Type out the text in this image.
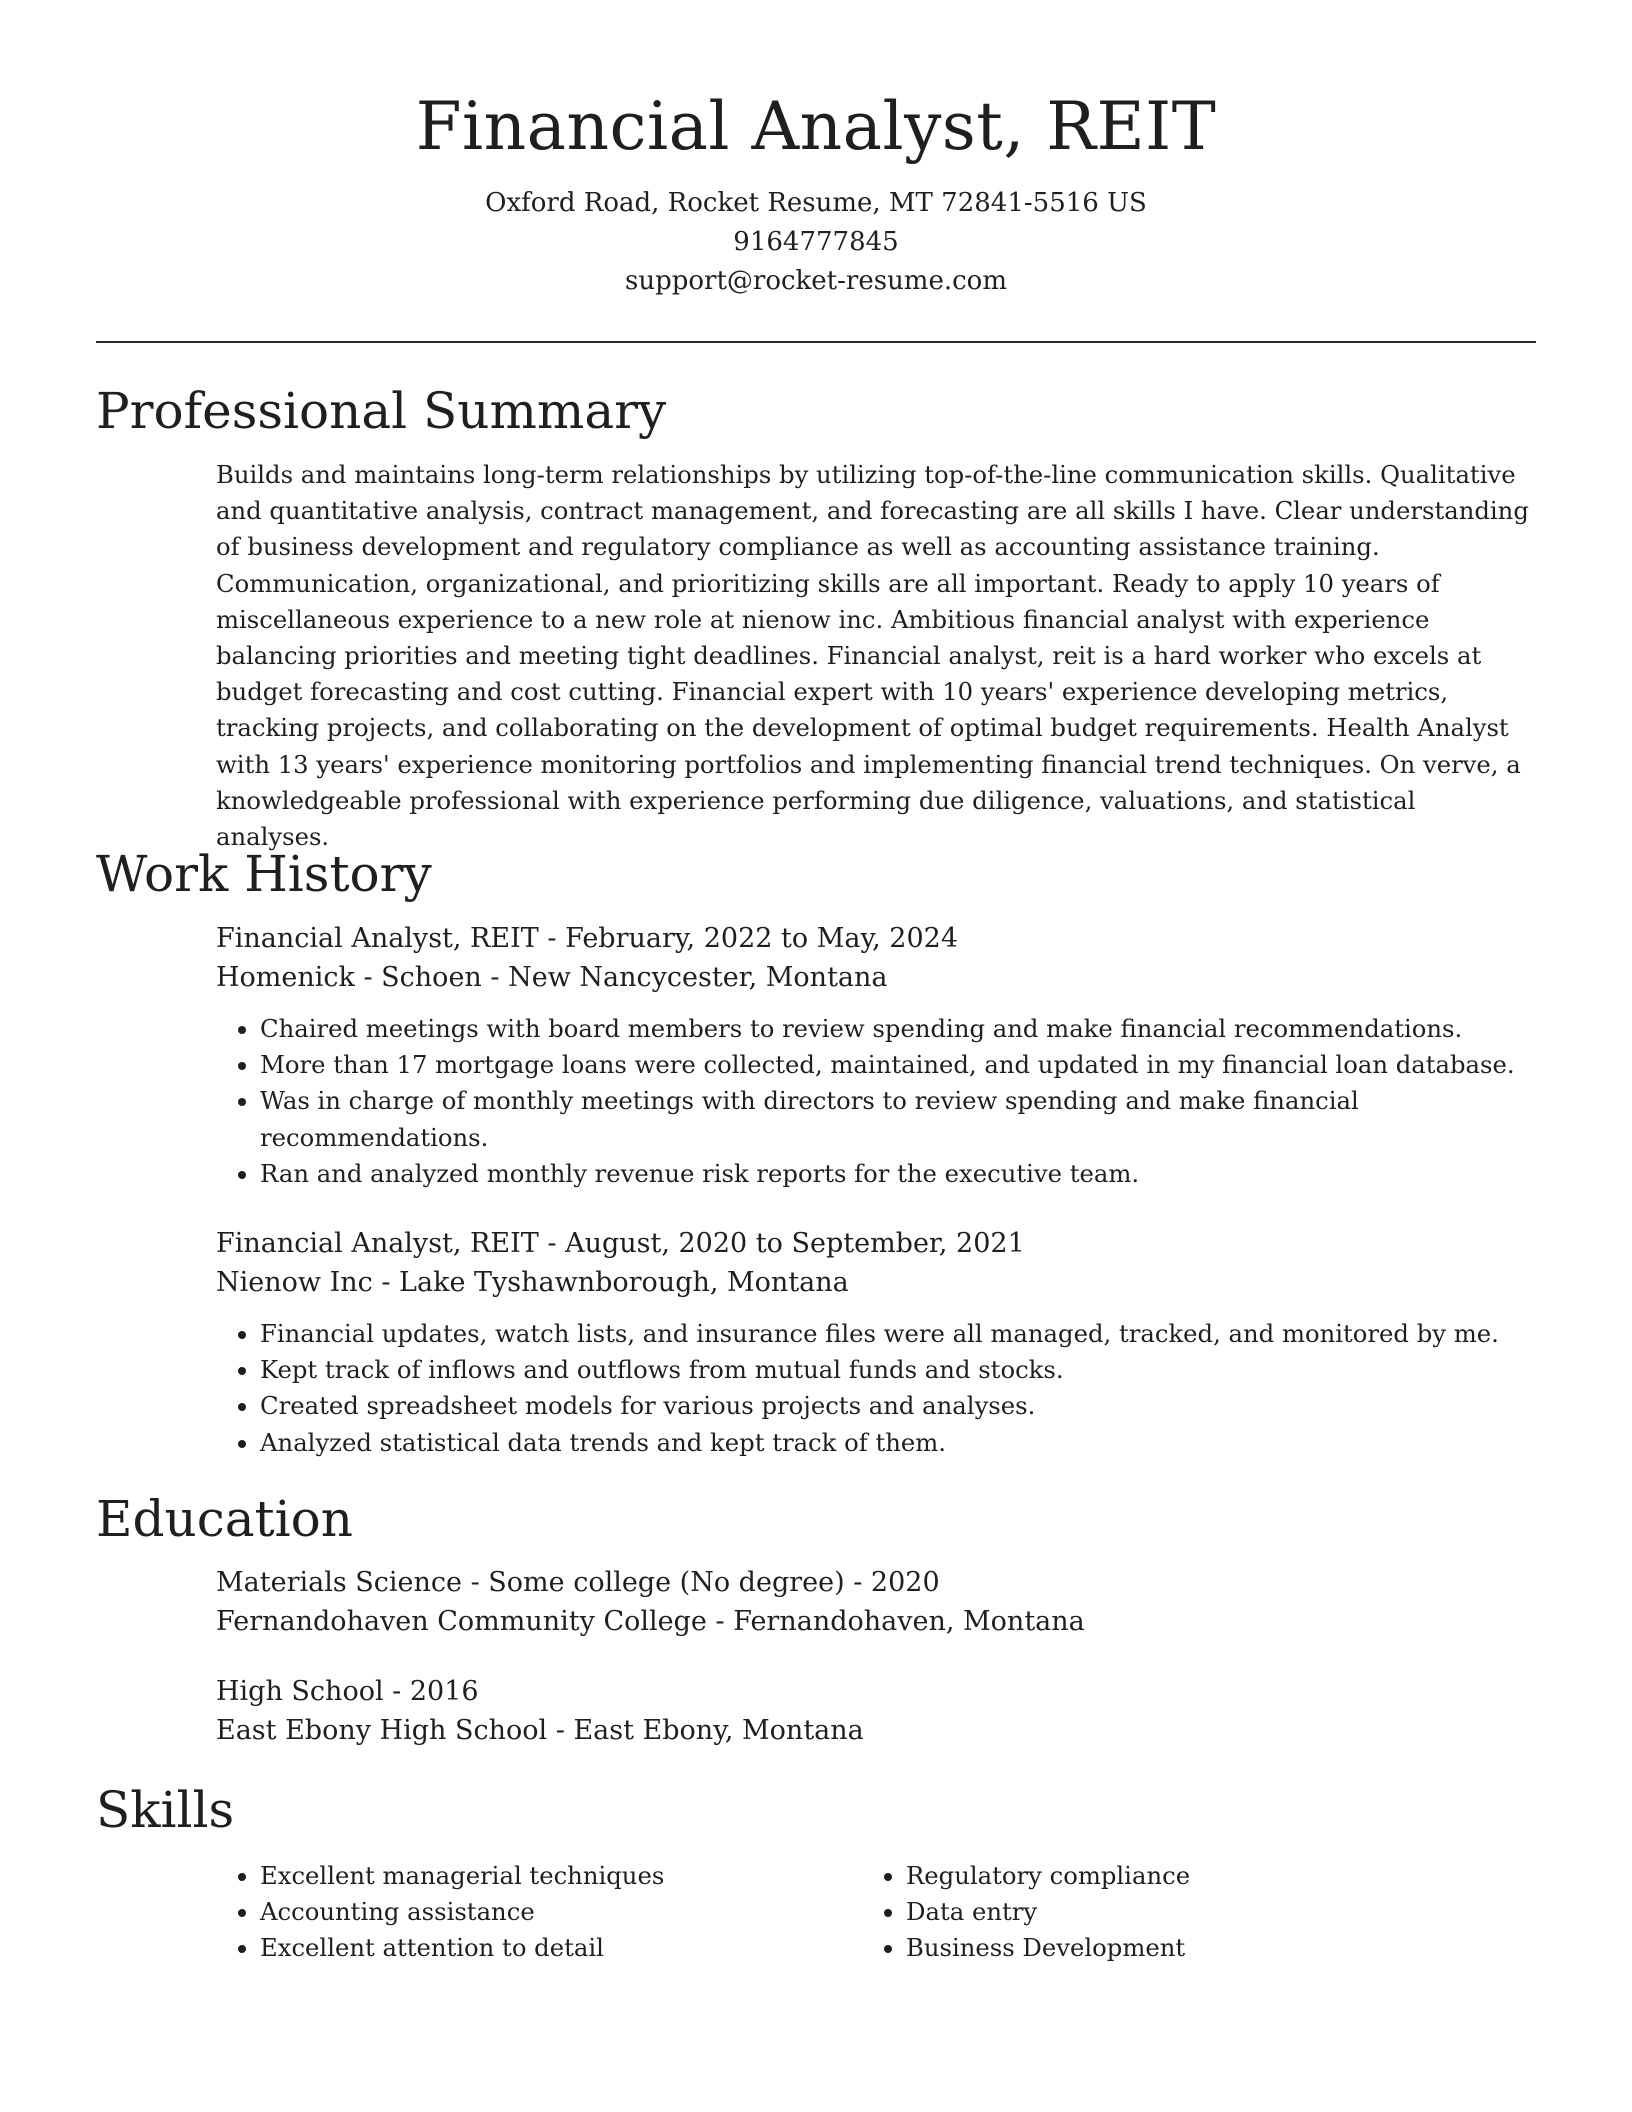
Financial Analyst, REIT
Oxford Road, Rocket Resume, MT 72841-5516 US
9164777845
support@rocket-resume.com
Professional Summary

Builds and maintains long-term relationships by utilizing top-of-the-line communication skills. Qualitative and quantitative analysis, contract management, and forecasting are all skills I have. Clear understanding of business development and regulatory compliance as well as accounting assistance training. Communication, organizational, and prioritizing skills are all important. Ready to apply 10 years of miscellaneous experience to a new role at nienow inc. Ambitious financial analyst with experience balancing priorities and meeting tight deadlines. Financial analyst, reit is a hard worker who excels at budget forecasting and cost cutting. Financial expert with 10 years' experience developing metrics, tracking projects, and collaborating on the development of optimal budget requirements. Health Analyst with 13 years' experience monitoring portfolios and implementing financial trend techniques. On verve, a knowledgeable professional with experience performing due diligence, valuations, and statistical analyses.

Work History
Financial Analyst, REIT - February, 2022 to May, 2024
Homenick - Schoen - New Nancycester, Montana
• Chaired meetings with board members to review spending and make financial recommendations.
• More than 17 mortgage loans were collected, maintained, and updated in my financial loan database.
• Was in charge of monthly meetings with directors to review spending and make financial recommendations.
• Ran and analyzed monthly revenue risk reports for the executive team.
Financial Analyst, REIT - August, 2020 to September, 2021
Nienow Inc - Lake Tyshawnborough, Montana
• Financial updates, watch lists, and insurance files were all managed, tracked, and monitored by me.
• Kept track of inflows and outflows from mutual funds and stocks.
• Created spreadsheet models for various projects and analyses.
• Analyzed statistical data trends and kept track of them.
Education
Materials Science - Some college (No degree) - 2020
Fernandohaven Community College - Fernandohaven, Montana
High School - 2016
East Ebony High School - East Ebony, Montana
Skills
• Excellent managerial techniques
• Accounting assistance
• Excellent attention to detail
• Regulatory compliance
• Data entry
• Business Development
